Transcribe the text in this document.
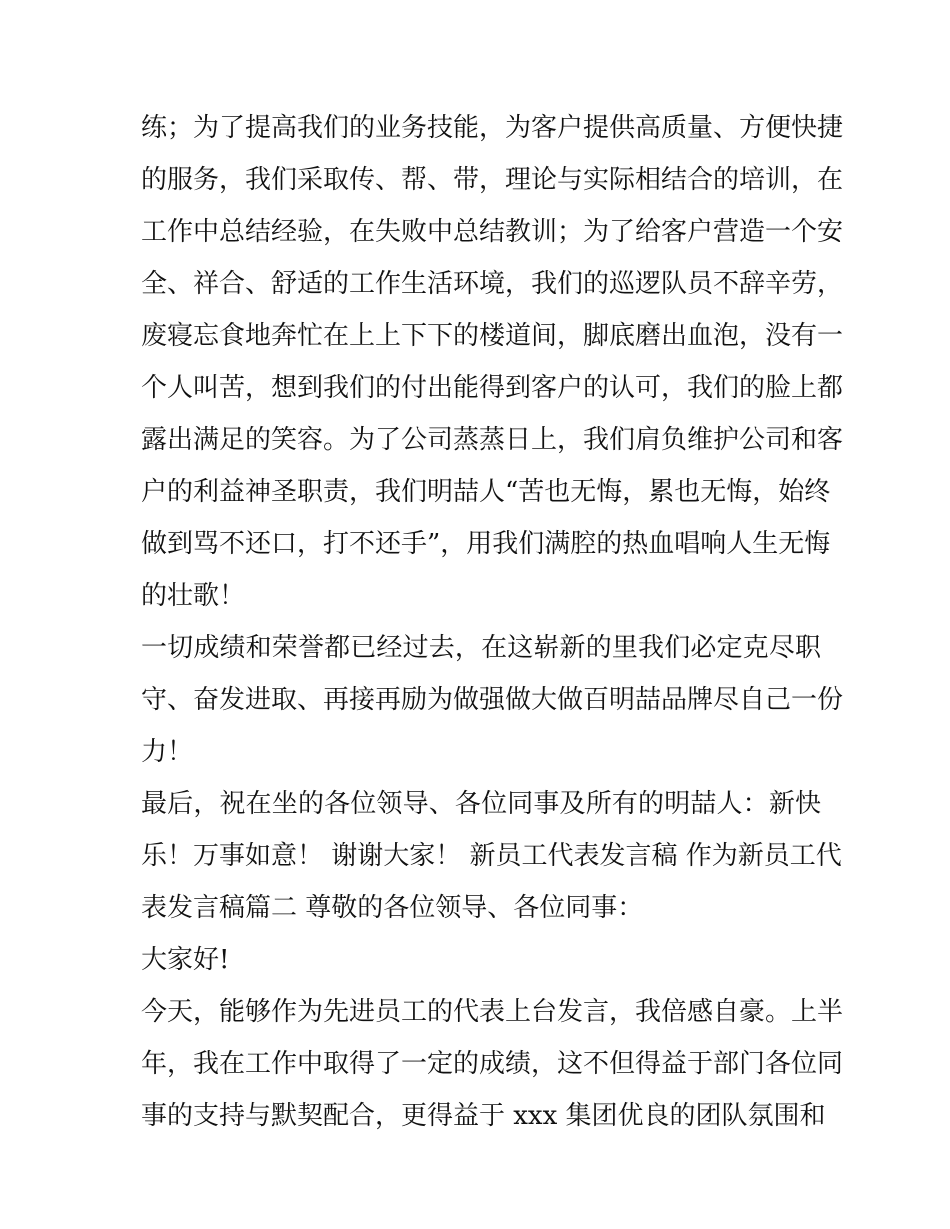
练；为了提高我们的业务技能，为客户提供高质量、方便快捷
的服务，我们采取传、帮、带，理论与实际相结合的培训，在
工作中总结经验，在失败中总结教训；为了给客户营造一个安
全、祥合、舒适的工作生活环境，我们的巡逻队员不辞辛劳，
废寝忘食地奔忙在上上下下的楼道间，脚底磨出血泡，没有一
个人叫苦，想到我们的付出能得到客户的认可，我们的脸上都
露出满足的笑容。为了公司蒸蒸日上，我们肩负维护公司和客
户的利益神圣职责，我们明喆人“苦也无悔，累也无悔，始终
做到骂不还口，打不还手”，用我们满腔的热血唱响人生无悔
的壮歌！
一切成绩和荣誉都已经过去，在这崭新的里我们必定克尽职
守、奋发进取、再接再励为做强做大做百明喆品牌尽自己一份
力！
最后，祝在坐的各位领导、各位同事及所有的明喆人：新快
乐！万事如意！ 谢谢大家！ 新员工代表发言稿 作为新员工代
表发言稿篇二 尊敬的各位领导、各位同事：
大家好!
今天，能够作为先进员工的代表上台发言，我倍感自豪。上半
年，我在工作中取得了一定的成绩，这不但得益于部门各位同
事的支持与默契配合，更得益于 xxx 集团优良的团队氛围和
